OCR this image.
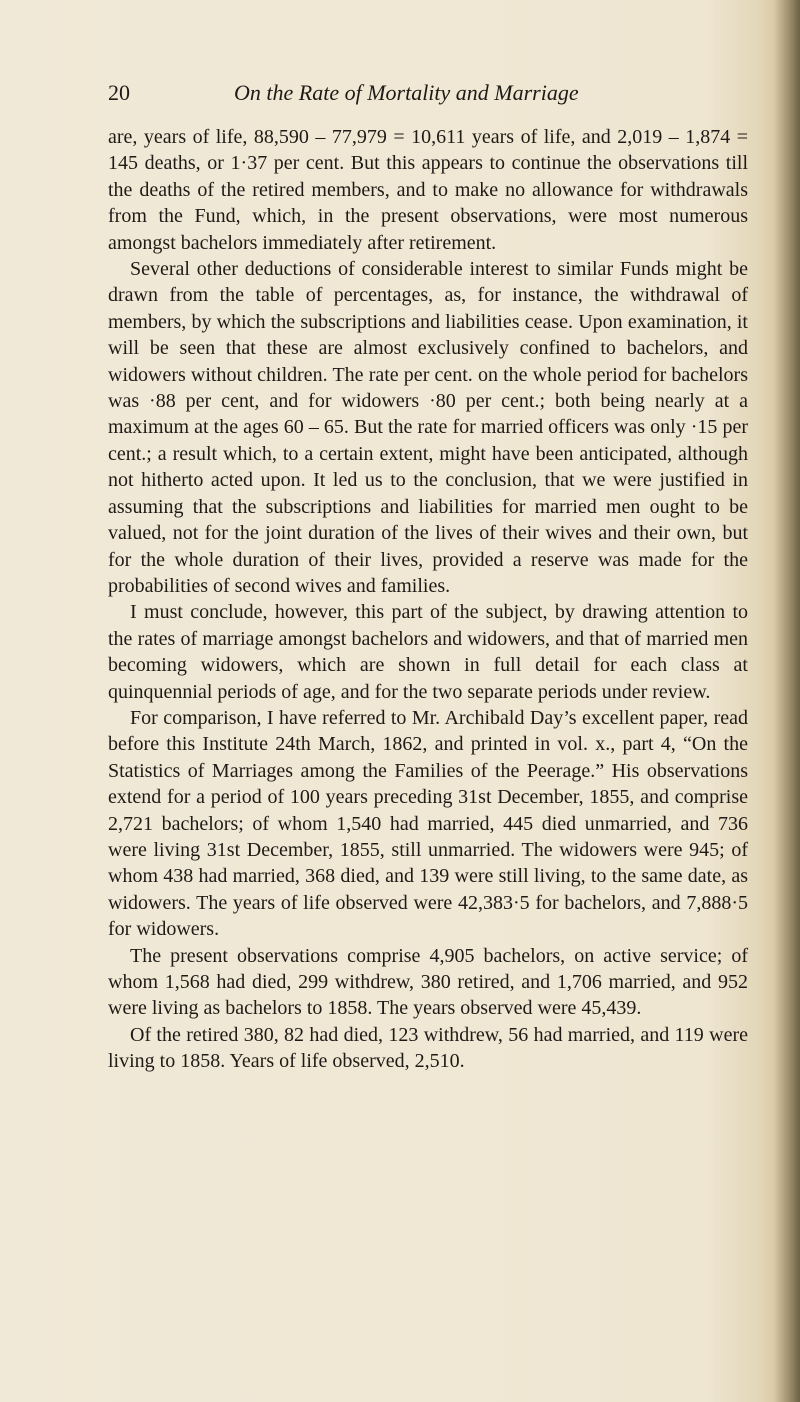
20	On the Rate of Mortality and Marriage

are, years of life, 88,590 – 77,979 = 10,611 years of life, and 2,019 – 1,874 = 145 deaths, or 1·37 per cent. But this appears to continue the observations till the deaths of the retired members, and to make no allowance for withdrawals from the Fund, which, in the present observations, were most numerous amongst bachelors immediately after retirement.

Several other deductions of considerable interest to similar Funds might be drawn from the table of percentages, as, for instance, the withdrawal of members, by which the subscriptions and liabilities cease. Upon examination, it will be seen that these are almost exclusively confined to bachelors, and widowers without children. The rate per cent. on the whole period for bachelors was ·88 per cent, and for widowers ·80 per cent.; both being nearly at a maximum at the ages 60 – 65. But the rate for married officers was only ·15 per cent.; a result which, to a certain extent, might have been anticipated, although not hitherto acted upon. It led us to the conclusion, that we were justified in assuming that the subscriptions and liabilities for married men ought to be valued, not for the joint duration of the lives of their wives and their own, but for the whole duration of their lives, provided a reserve was made for the probabilities of second wives and families.

I must conclude, however, this part of the subject, by drawing attention to the rates of marriage amongst bachelors and widowers, and that of married men becoming widowers, which are shown in full detail for each class at quinquennial periods of age, and for the two separate periods under review.

For comparison, I have referred to Mr. Archibald Day’s excellent paper, read before this Institute 24th March, 1862, and printed in vol. x., part 4, “On the Statistics of Marriages among the Families of the Peerage.” His observations extend for a period of 100 years preceding 31st December, 1855, and comprise 2,721 bachelors; of whom 1,540 had married, 445 died unmarried, and 736 were living 31st December, 1855, still unmarried. The widowers were 945; of whom 438 had married, 368 died, and 139 were still living, to the same date, as widowers. The years of life observed were 42,383·5 for bachelors, and 7,888·5 for widowers.

The present observations comprise 4,905 bachelors, on active service; of whom 1,568 had died, 299 withdrew, 380 retired, and 1,706 married, and 952 were living as bachelors to 1858. The years observed were 45,439.

Of the retired 380, 82 had died, 123 withdrew, 56 had married, and 119 were living to 1858. Years of life observed, 2,510.
